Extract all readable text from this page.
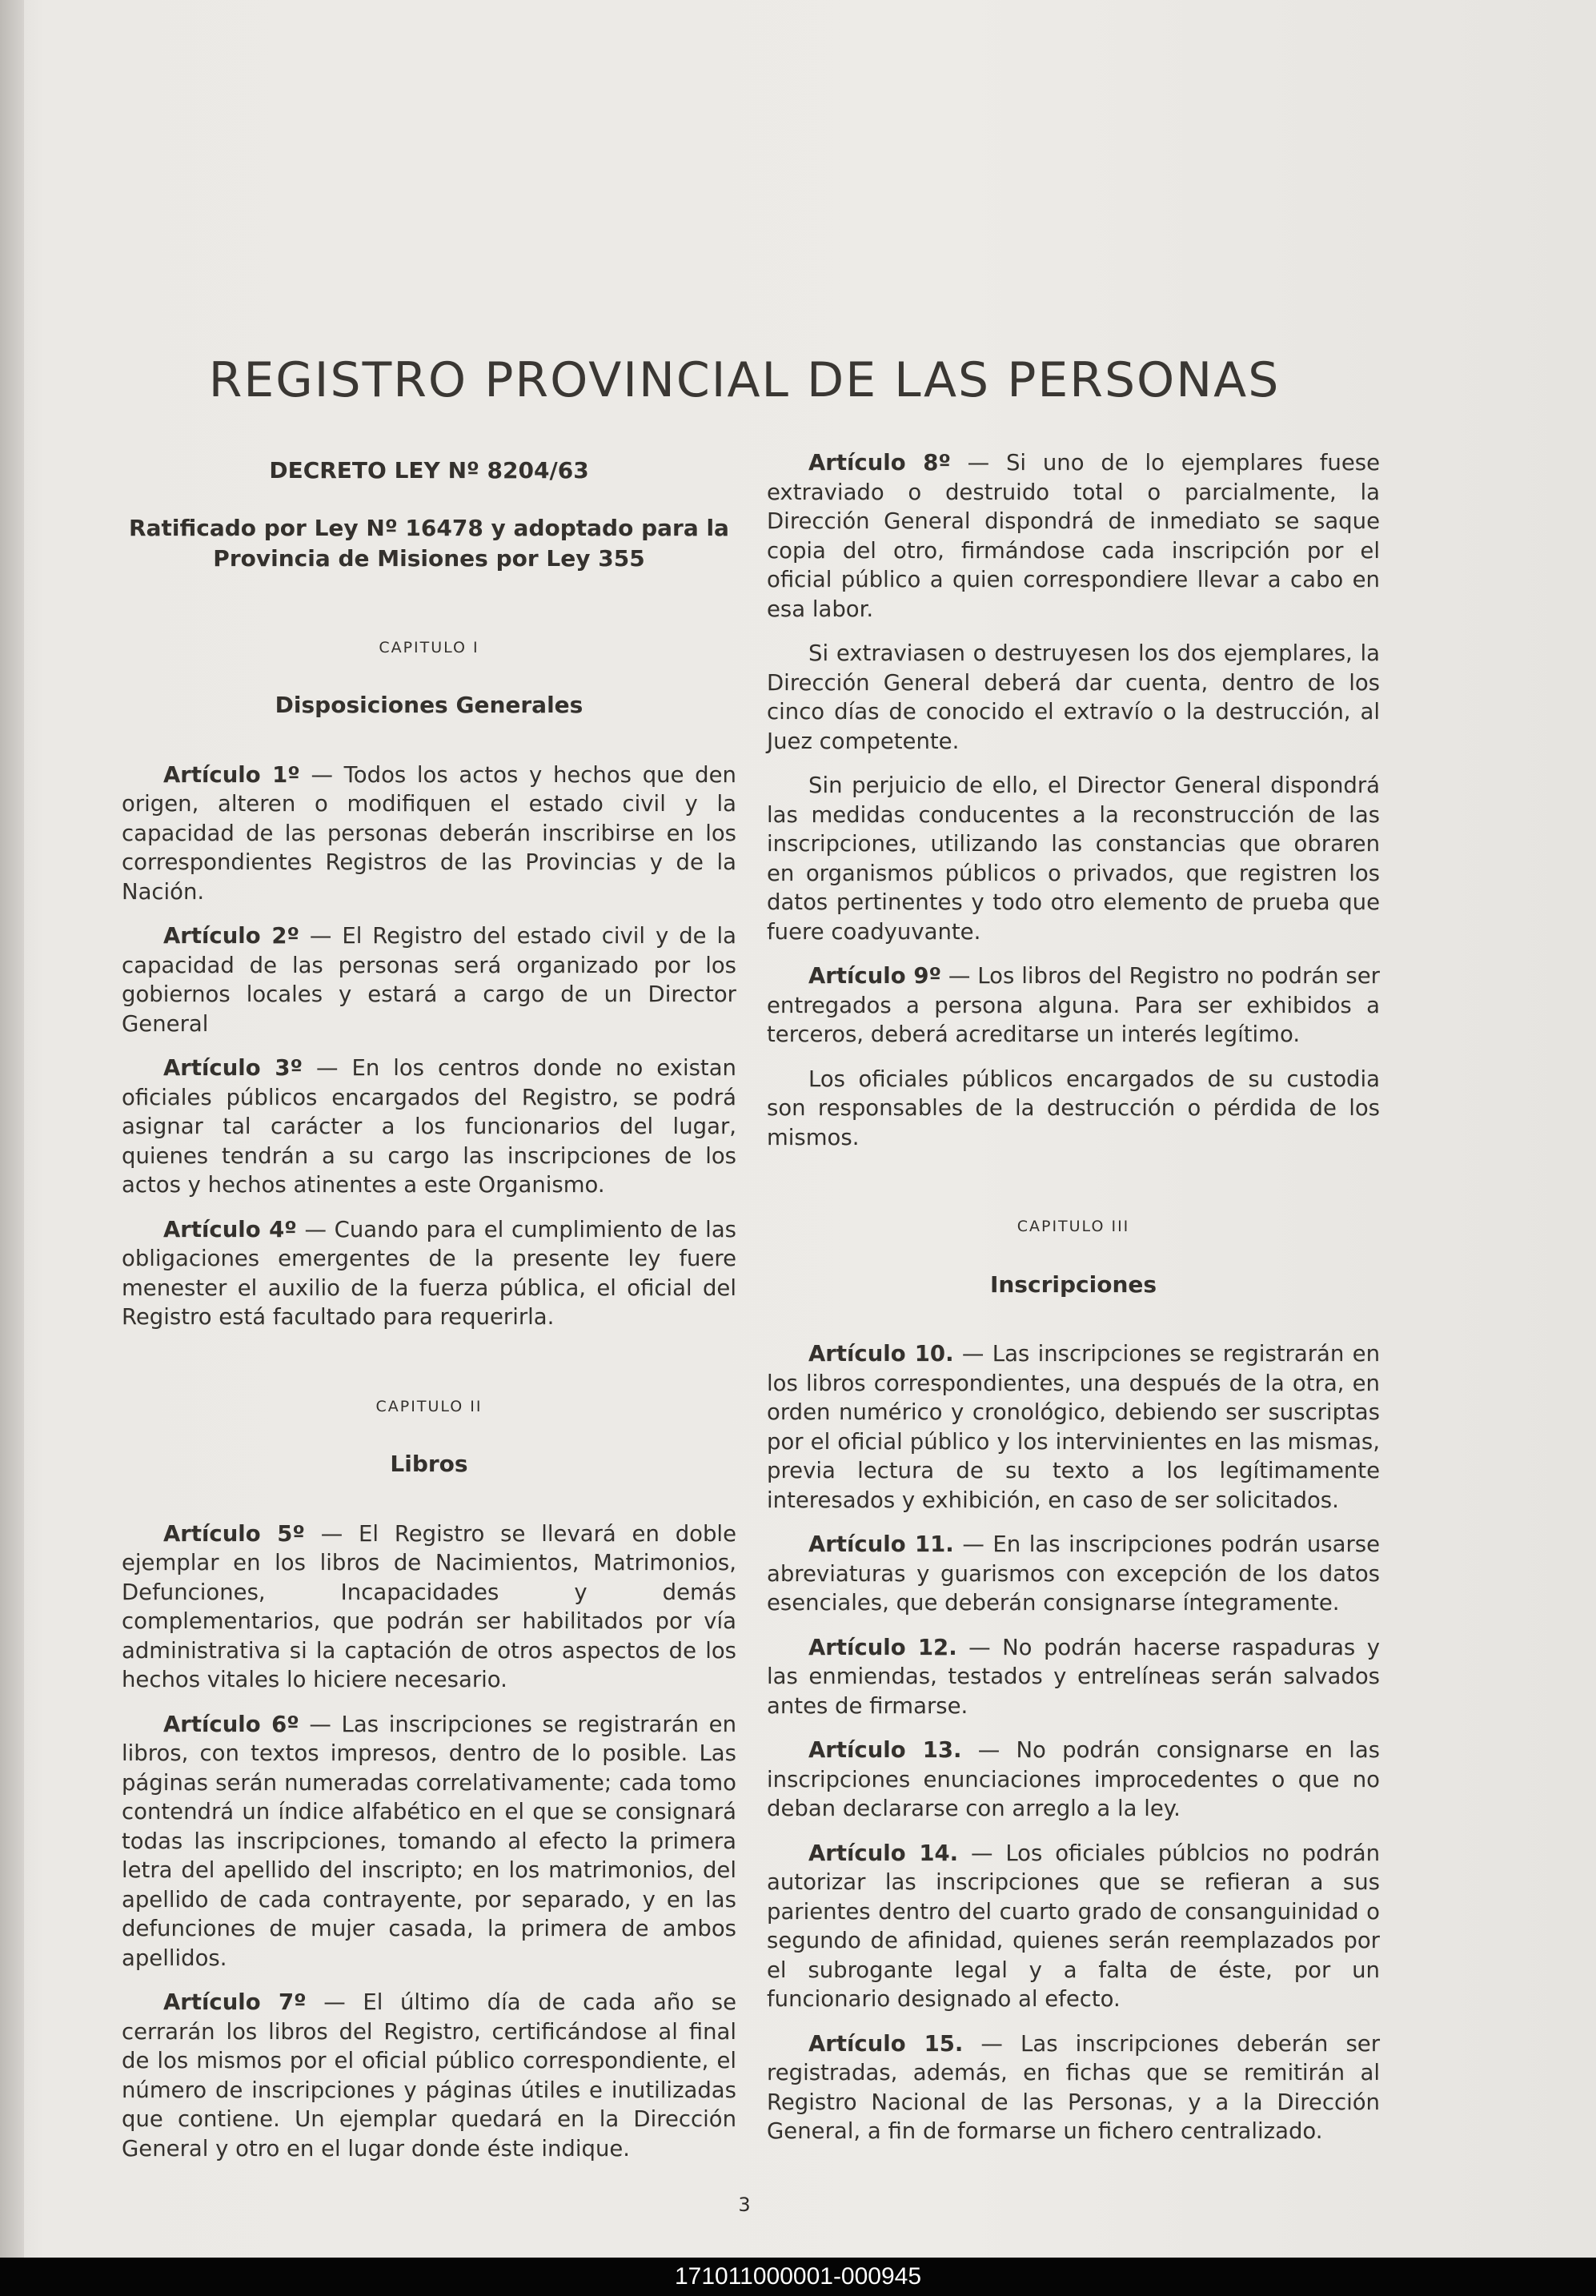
REGISTRO PROVINCIAL DE LAS PERSONAS
DECRETO LEY Nº 8204/63
Ratificado por Ley Nº 16478 y adoptado para la Provincia de Misiones por Ley 355
CAPITULO I
Disposiciones Generales

Artículo 1º — Todos los actos y hechos que den origen, alteren o modifiquen el estado civil y la capacidad de las personas deberán inscribirse en los correspondientes Registros de las Provincias y de la Nación.

Artículo 2º — El Registro del estado civil y de la capacidad de las personas será organizado por los gobiernos locales y estará a cargo de un Director General

Artículo 3º — En los centros donde no existan oficiales públicos encargados del Registro, se podrá asignar tal carácter a los funcionarios del lugar, quienes tendrán a su cargo las inscripciones de los actos y hechos atinentes a este Organismo.

Artículo 4º — Cuando para el cumplimiento de las obligaciones emergentes de la presente ley fuere menester el auxilio de la fuerza pública, el oficial del Registro está facultado para requerirla.

CAPITULO II
Libros

Artículo 5º — El Registro se llevará en doble ejemplar en los libros de Nacimientos, Matrimonios, Defunciones, Incapacidades y demás complementarios, que podrán ser habilitados por vía administrativa si la captación de otros aspectos de los hechos vitales lo hiciere necesario.

Artículo 6º — Las inscripciones se registrarán en libros, con textos impresos, dentro de lo posible. Las páginas serán numeradas correlativamente; cada tomo contendrá un índice alfabético en el que se consignará todas las inscripciones, tomando al efecto la primera letra del apellido del inscripto; en los matrimonios, del apellido de cada contrayente, por separado, y en las defunciones de mujer casada, la primera de ambos apellidos.

Artículo 7º — El último día de cada año se cerrarán los libros del Registro, certificándose al final de los mismos por el oficial público correspondiente, el número de inscripciones y páginas útiles e inutilizadas que contiene. Un ejemplar quedará en la Dirección General y otro en el lugar donde éste indique.

Artículo 8º — Si uno de lo ejemplares fuese extraviado o destruido total o parcialmente, la Dirección General dispondrá de inmediato se saque copia del otro, firmándose cada inscripción por el oficial público a quien correspondiere llevar a cabo en esa labor.

Si extraviasen o destruyesen los dos ejemplares, la Dirección General deberá dar cuenta, dentro de los cinco días de conocido el extravío o la destrucción, al Juez competente.

Sin perjuicio de ello, el Director General dispondrá las medidas conducentes a la reconstrucción de las inscripciones, utilizando las constancias que obraren en organismos públicos o privados, que registren los datos pertinentes y todo otro elemento de prueba que fuere coadyuvante.

Artículo 9º — Los libros del Registro no podrán ser entregados a persona alguna. Para ser exhibidos a terceros, deberá acreditarse un interés legítimo.

Los oficiales públicos encargados de su custodia son responsables de la destrucción o pérdida de los mismos.

CAPITULO III
Inscripciones

Artículo 10. — Las inscripciones se registrarán en los libros correspondientes, una después de la otra, en orden numérico y cronológico, debiendo ser suscriptas por el oficial público y los intervinientes en las mismas, previa lectura de su texto a los legítimamente interesados y exhibición, en caso de ser solicitados.

Artículo 11. — En las inscripciones podrán usarse abreviaturas y guarismos con excepción de los datos esenciales, que deberán consignarse íntegramente.

Artículo 12. — No podrán hacerse raspaduras y las enmiendas, testados y entrelíneas serán salvados antes de firmarse.

Artículo 13. — No podrán consignarse en las inscripciones enunciaciones improcedentes o que no deban declararse con arreglo a la ley.

Artículo 14. — Los oficiales públcios no podrán autorizar las inscripciones que se refieran a sus parientes dentro del cuarto grado de consanguinidad o segundo de afinidad, quienes serán reemplazados por el subrogante legal y a falta de éste, por un funcionario designado al efecto.

Artículo 15. — Las inscripciones deberán ser registradas, además, en fichas que se remitirán al Registro Nacional de las Personas, y a la Dirección General, a fin de formarse un fichero centralizado.

3
171011000001-000945
